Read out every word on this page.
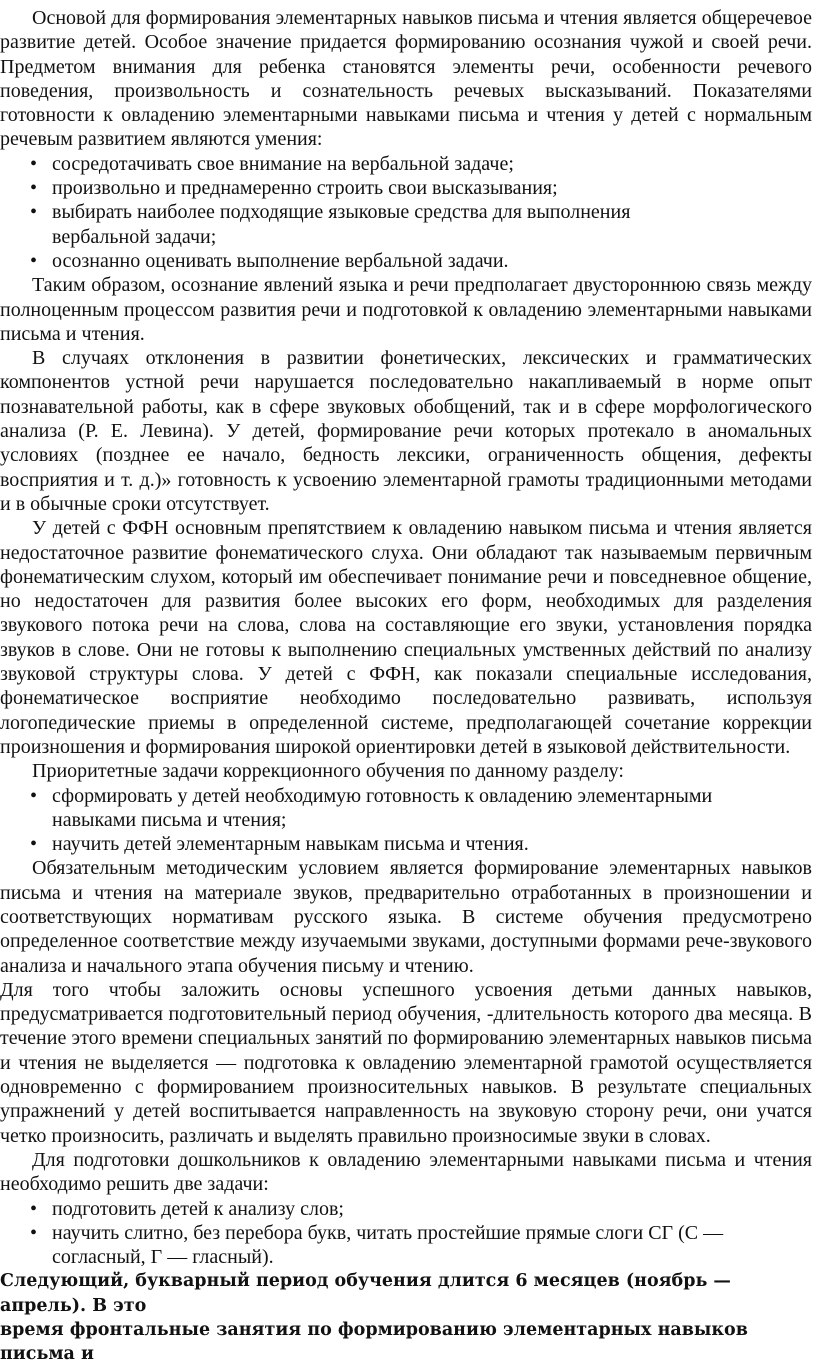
Основой для формирования элементарных навыков письма и чтения является общеречевое развитие детей. Особое значение придается формированию осознания чужой и своей речи. Предметом внимания для ребенка становятся элементы речи, особенности речевого поведения, произвольность и сознательность речевых высказываний. Показателями готовности к овладению элементарными навыками письма и чтения у детей с нормальным речевым развитием являются умения:

• сосредотачивать свое внимание на вербальной задаче;
• произвольно и преднамеренно строить свои высказывания;
• выбирать наиболее подходящие языковые средства для выполнения вербальной задачи;
• осознанно оценивать выполнение вербальной задачи.

Таким образом, осознание явлений языка и речи предполагает двустороннюю связь между полноценным процессом развития речи и подготовкой к овладению элементарными навыками письма и чтения.

В случаях отклонения в развитии фонетических, лексических и грамматических компонентов устной речи нарушается последовательно накапливаемый в норме опыт познавательной работы, как в сфере звуковых обобщений, так и в сфере морфологического анализа (Р. Е. Левина). У детей, формирование речи которых протекало в аномальных условиях (позднее ее начало, бедность лексики, ограниченность общения, дефекты восприятия и т. д.)» готовность к усвоению элементарной грамоты традиционными методами и в обычные сроки отсутствует.

У детей с ФФН основным препятствием к овладению навыком письма и чтения является недостаточное развитие фонематического слуха. Они обладают так называемым первичным фонематическим слухом, который им обеспечивает понимание речи и повседневное общение, но недостаточен для развития более высоких его форм, необходимых для разделения звукового потока речи на слова, слова на составляющие его звуки, установления порядка звуков в слове. Они не готовы к выполнению специальных умственных действий по анализу звуковой структуры слова. У детей с ФФН, как показали специальные исследования, фонематическое восприятие необходимо последовательно развивать, используя логопедические приемы в определенной системе, предполагающей сочетание коррекции произношения и формирования широкой ориентировки детей в языковой действительности.

Приоритетные задачи коррекционного обучения по данному разделу:

• сформировать у детей необходимую готовность к овладению элементарными навыками письма и чтения;
• научить детей элементарным навыкам письма и чтения.

Обязательным методическим условием является формирование элементарных навыков письма и чтения на материале звуков, предварительно отработанных в произношении и соответствующих нормативам русского языка. В системе обучения предусмотрено определенное соответствие между изучаемыми звуками, доступными формами рече-звукового анализа и начального этапа обучения письму и чтению.

Для того чтобы заложить основы успешного усвоения детьми данных навыков, предусматривается подготовительный период обучения, -длительность которого два месяца. В течение этого времени специальных занятий по формированию элементарных навыков письма и чтения не выделяется — подготовка к овладению элементарной грамотой осуществляется одновременно с формированием произносительных навыков. В результате специальных упражнений у детей воспитывается направленность на звуковую сторону речи, они учатся четко произносить, различать и выделять правильно произносимые звуки в словах.

Для подготовки дошкольников к овладению элементарными навыками письма и чтения необходимо решить две задачи:

• подготовить детей к анализу слов;
• научить слитно, без перебора букв, читать простейшие прямые слоги СГ (С — согласный, Г — гласный).

Следующий, букварный период обучения длится 6 месяцев (ноябрь — апрель). В это
время фронтальные занятия по формированию элементарных навыков письма и
